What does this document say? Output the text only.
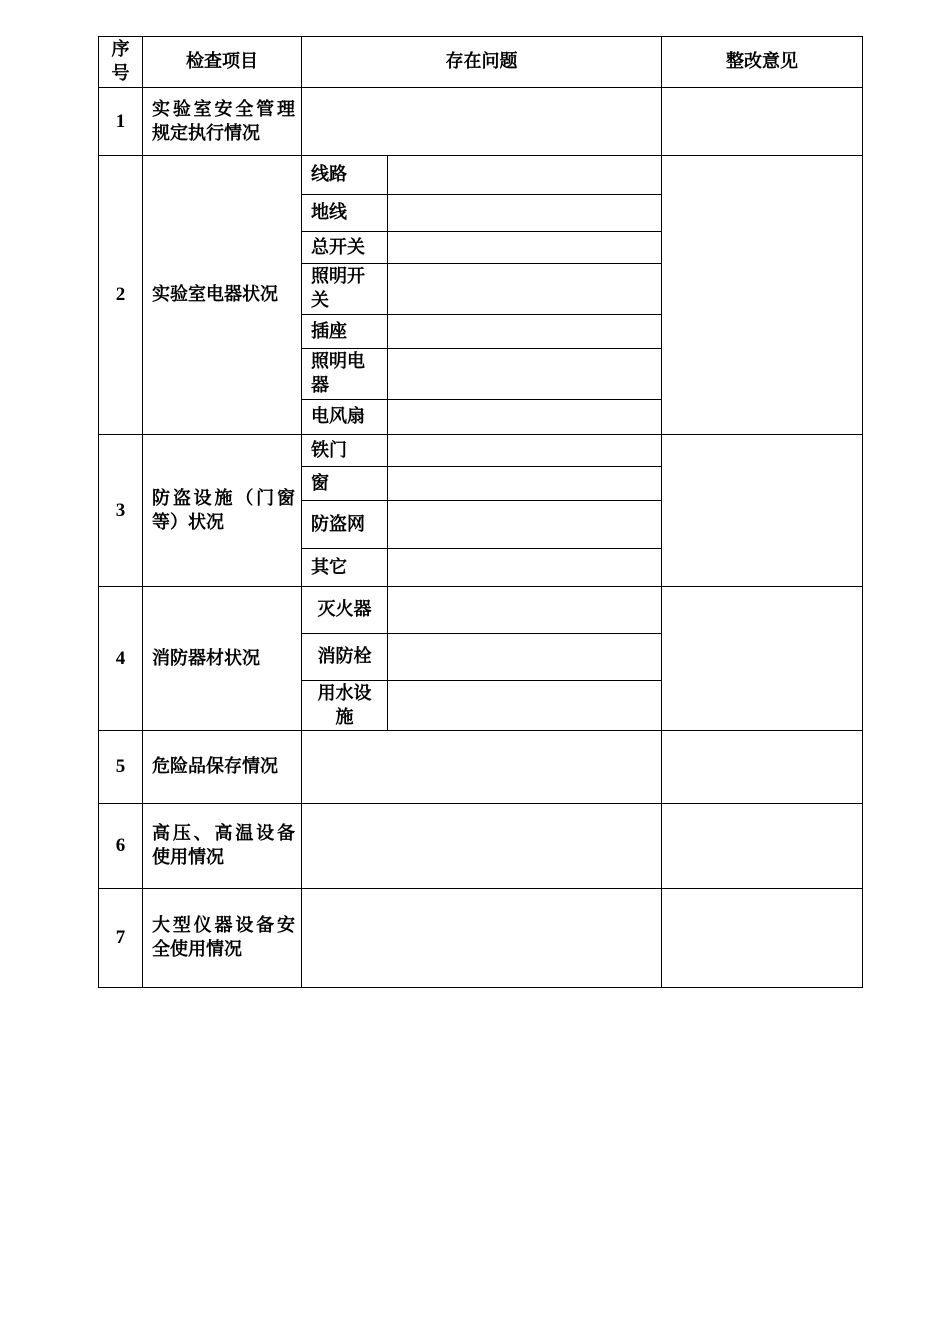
序号	检查项目	存在问题		整改意见
1	实验室安全管理规定执行情况			
2	实验室电器状况	线路		
		地线		
		总开关		
		照明开关		
		插座		
		照明电器		
		电风扇		
3	防盗设施（门窗等）状况	铁门		
		窗		
		防盗网		
		其它		
4	消防器材状况	灭火器		
		消防栓		

		用水设施		

5	危险品保存情况			
6	高压、高温设备使用情况			
7	大型仪器设备安全使用情况			
